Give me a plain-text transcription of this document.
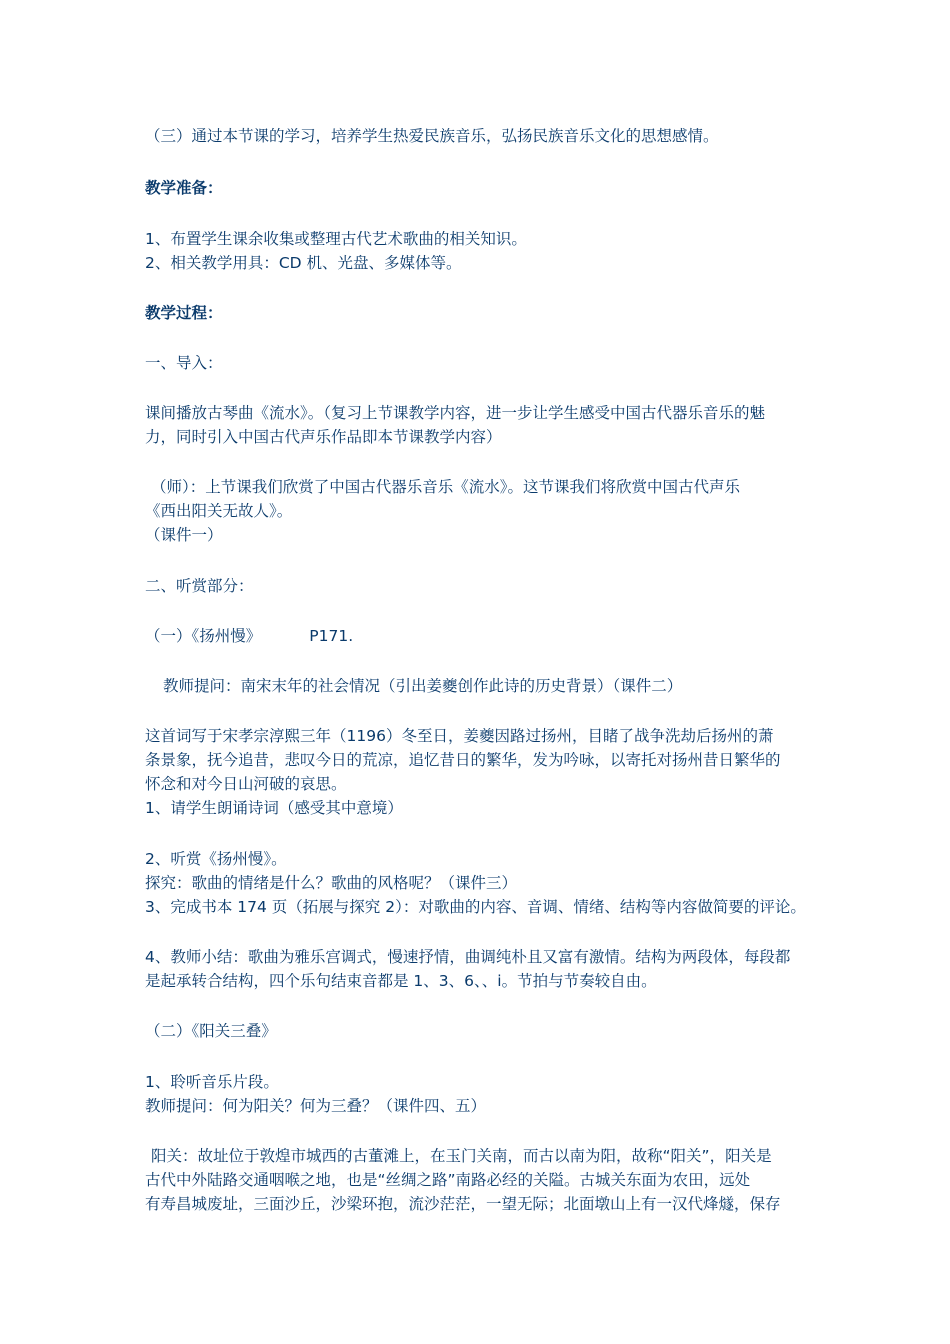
（三）通过本节课的学习，培养学生热爱民族音乐，弘扬民族音乐文化的思想感情。
教学准备：
1、布置学生课余收集或整理古代艺术歌曲的相关知识。
2、相关教学用具：CD 机、光盘、多媒体等。
教学过程：
一、导入：
课间播放古琴曲《流水》。（复习上节课教学内容，进一步让学生感受中国古代器乐音乐的魅
力，同时引入中国古代声乐作品即本节课教学内容）
（师）：上节课我们欣赏了中国古代器乐音乐《流水》。这节课我们将欣赏中国古代声乐
《西出阳关无故人》。
（课件一）
二、听赏部分：
（一）《扬州慢》	P171.
教师提问：南宋末年的社会情况（引出姜夔创作此诗的历史背景）（课件二）
这首词写于宋孝宗淳熙三年（1196）冬至日，姜夔因路过扬州，目睹了战争洗劫后扬州的萧
条景象，抚今追昔，悲叹今日的荒凉，追忆昔日的繁华，发为吟咏，以寄托对扬州昔日繁华的
怀念和对今日山河破的哀思。
1、请学生朗诵诗词（感受其中意境）
2、听赏《扬州慢》。
探究：歌曲的情绪是什么？歌曲的风格呢？（课件三）
3、完成书本 174 页（拓展与探究 2）：对歌曲的内容、音调、情绪、结构等内容做简要的评论。
4、教师小结：歌曲为雅乐宫调式，慢速抒情，曲调纯朴且又富有激情。结构为两段体，每段都
是起承转合结构，四个乐句结束音都是 1、3、6、、i。节拍与节奏较自由。
（二）《阳关三叠》
1、聆听音乐片段。
教师提问：何为阳关？何为三叠？（课件四、五）
阳关：故址位于敦煌市城西的古董滩上，在玉门关南，而古以南为阳，故称“阳关”，阳关是
古代中外陆路交通咽喉之地，也是“丝绸之路”南路必经的关隘。古城关东面为农田，远处
有寿昌城废址，三面沙丘，沙梁环抱，流沙茫茫，一望无际；北面墩山上有一汉代烽燧，保存
